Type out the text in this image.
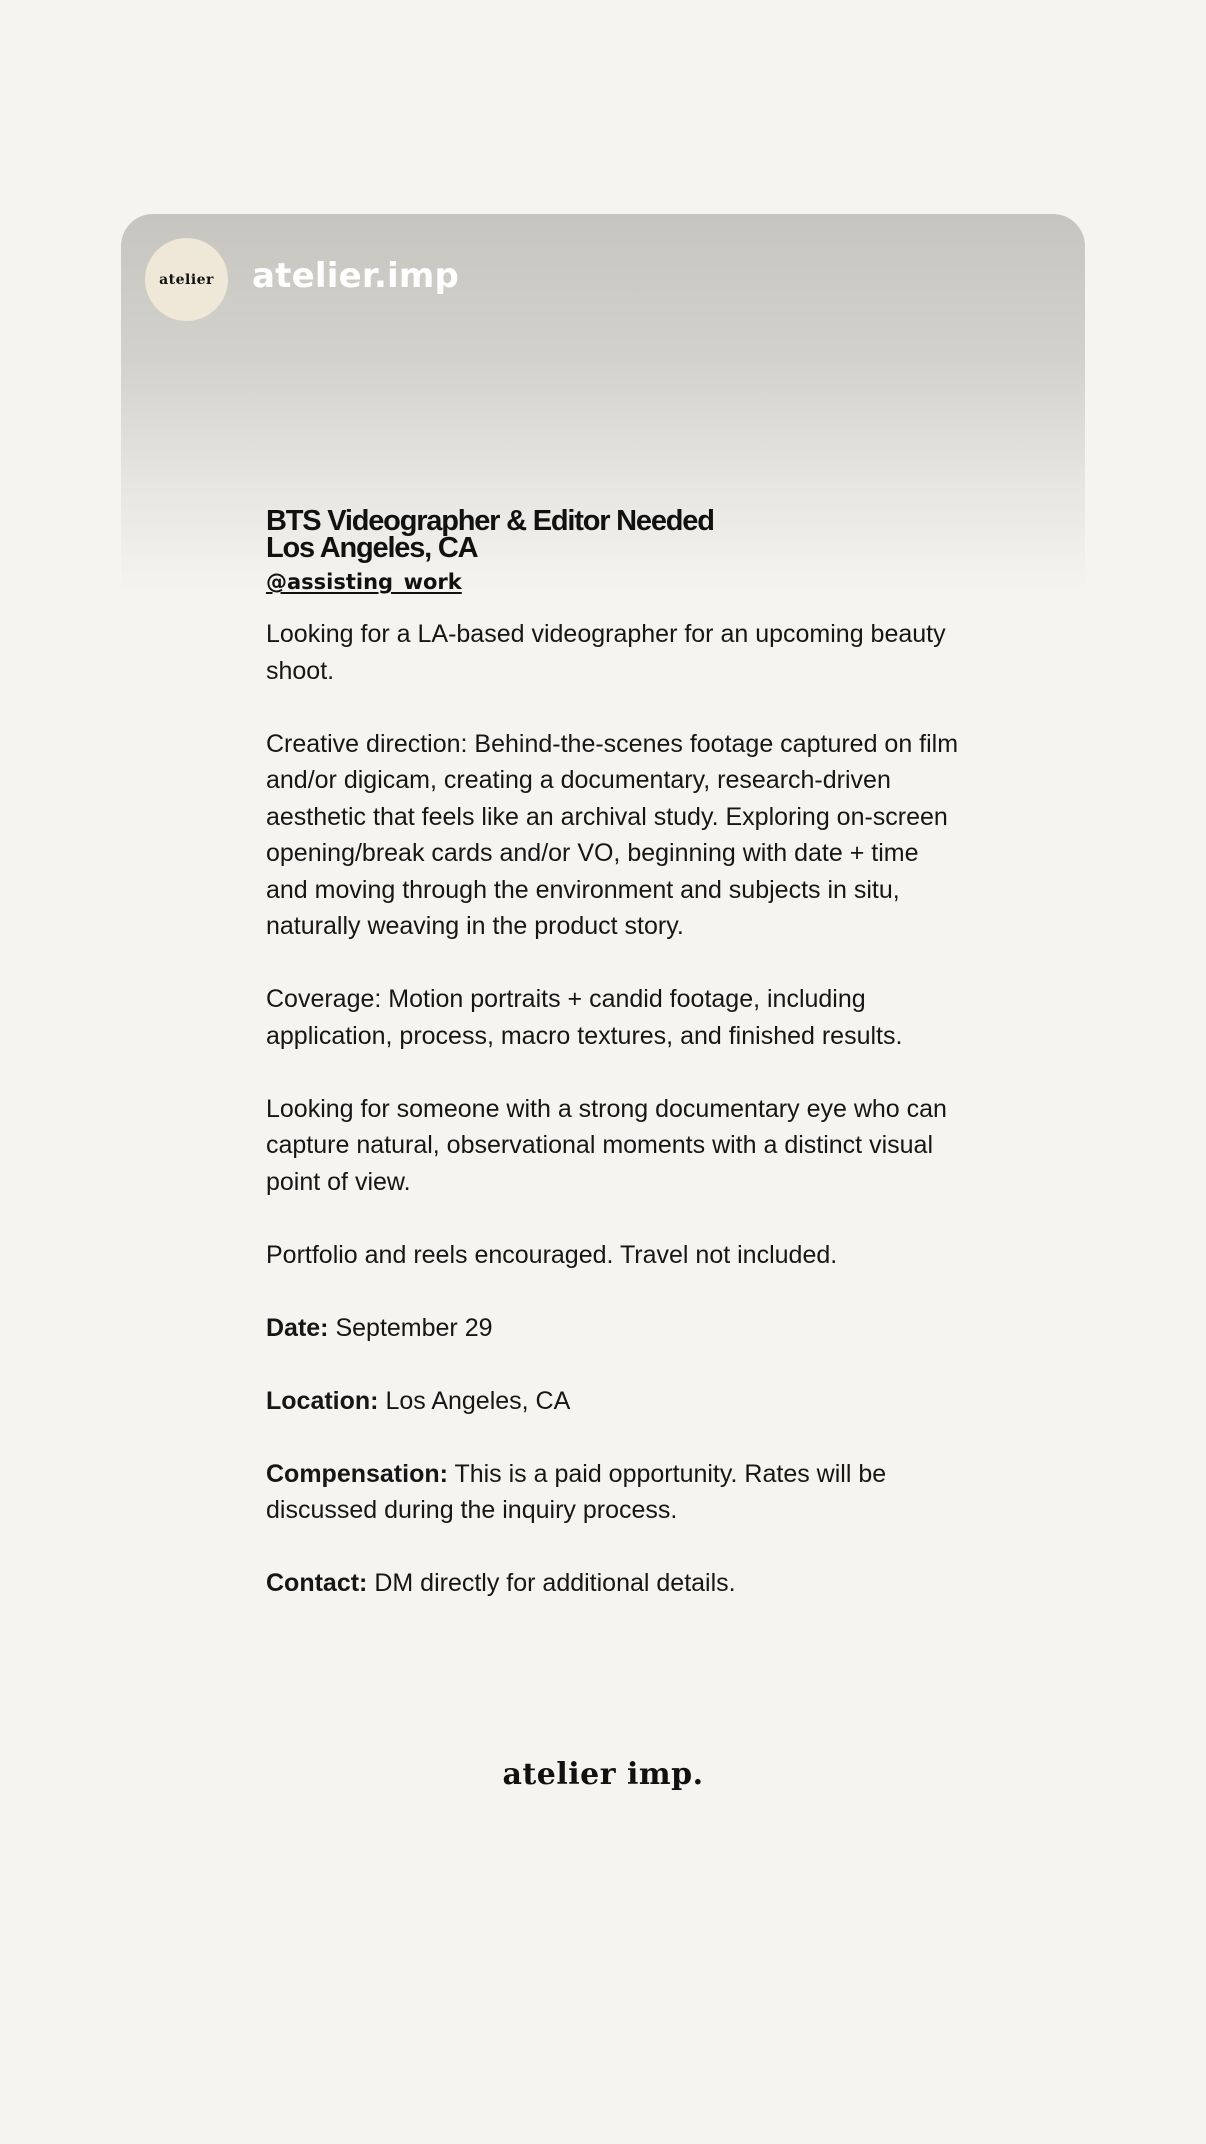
atelier atelier.imp
BTS Videographer & Editor Needed
Los Angeles, CA
@assisting_work

Looking for a LA-based videographer for an upcoming beauty shoot.

Creative direction: Behind-the-scenes footage captured on film and/or digicam, creating a documentary, research-driven aesthetic that feels like an archival study. Exploring on-screen opening/break cards and/or VO, beginning with date + time and moving through the environment and subjects in situ, naturally weaving in the product story.

Coverage: Motion portraits + candid footage, including application, process, macro textures, and finished results.

Looking for someone with a strong documentary eye who can capture natural, observational moments with a distinct visual point of view.

Portfolio and reels encouraged. Travel not included.

Date: September 29

Location: Los Angeles, CA

Compensation: This is a paid opportunity. Rates will be discussed during the inquiry process.

Contact: DM directly for additional details.

atelier imp.
